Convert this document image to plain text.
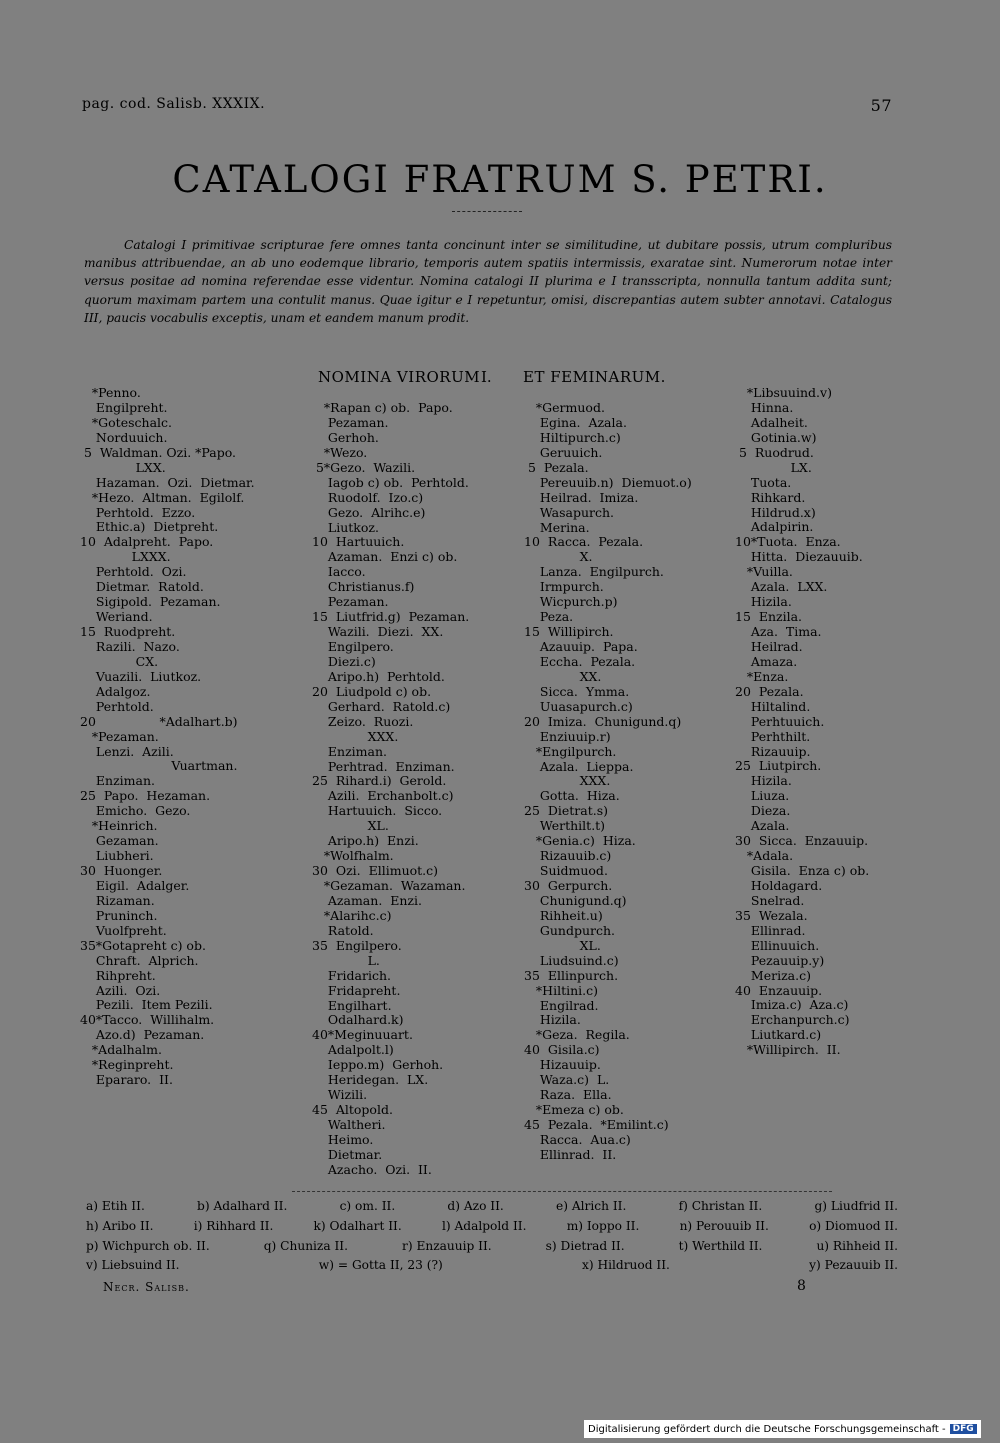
pag. cod. Salisb. XXXIX.	57
CATALOGI FRATRUM S. PETRI.
Catalogi I primitivae scripturae fere omnes tanta concinunt inter se similitudine, ut dubitare possis, utrum compluribus manibus attribuendae, an ab uno eodemque librario, temporis autem spatiis intermissis, exaratae sint. Numerorum notae inter versus positae ad nomina referendae esse videntur. Nomina catalogi II plurima e I transscripta, nonnulla tantum addita sunt; quorum maximam partem una contulit manus. Quae igitur e I repetuntur, omisi, discrepantias autem subter annotavi. Catalogus III, paucis vocabulis exceptis, unam et eandem manum prodit.
NOMINA VIRORUM I. ET FEMINARUM.
*Penno.
Engilpreht.
*Goteschalc.
Norduuich.
5  Waldman. Ozi. *Papo.
LXX.
Hazaman.  Ozi.  Dietmar.
*Hezo.  Altman.  Egilolf.
Perhtold.  Ezzo.
Ethic.a)  Dietpreht.
10  Adalpreht.  Papo.
LXXX.
Perhtold.  Ozi.
Dietmar.  Ratold.
Sigipold.  Pezaman.
Weriand.
15  Ruodpreht.
Razili.  Nazo.
CX.
Vuazili.  Liutkoz.
Adalgoz.
Perhtold.
20                *Adalhart.b)
*Pezaman.
Lenzi.  Azili.
Vuartman.
Enziman.
25  Papo.  Hezaman.
Emicho.  Gezo.
*Heinrich.
Gezaman.
Liubheri.
30  Huonger.
Eigil.  Adalger.
Rizaman.
Pruninch.
Vuolfpreht.
35*Gotapreht c) ob.
Chraft.  Alprich.
Rihpreht.
Azili.  Ozi.
Pezili.  Item Pezili.
40*Tacco.  Willihalm.
Azo.d)  Pezaman.
*Adalhalm.
*Reginpreht.
Epararo.  II.
*Rapan c) ob.  Papo.
Pezaman.
Gerhoh.
*Wezo.
5*Gezo.  Wazili.
Iagob c) ob.  Perhtold.
Ruodolf.  Izo.c)
Gezo.  Alrihc.e)
Liutkoz.
10  Hartuuich.
Azaman.  Enzi c) ob.
Iacco.
Christianus.f)
Pezaman.
15  Liutfrid.g)  Pezaman.
Wazili.  Diezi.  XX.
Engilpero.
Diezi.c)
Aripo.h)  Perhtold.
20  Liudpold c) ob.
Gerhard.  Ratold.c)
Zeizo.  Ruozi.
XXX.
Enziman.
Perhtrad.  Enziman.
25  Rihard.i)  Gerold.
Azili.  Erchanbolt.c)
Hartuuich.  Sicco.
XL.
Aripo.h)  Enzi.
*Wolfhalm.
30  Ozi.  Ellimuot.c)
*Gezaman.  Wazaman.
Azaman.  Enzi.
*Alarihc.c)
Ratold.
35  Engilpero.
L.
Fridarich.
Fridapreht.
Engilhart.
Odalhard.k)
40*Meginuuart.
Adalpolt.l)
Ieppo.m)  Gerhoh.
Heridegan.  LX.
Wizili.
45  Altopold.
Waltheri.
Heimo.
Dietmar.
Azacho.  Ozi.  II.
*Germuod.
Egina.  Azala.
Hiltipurch.c)
Geruuich.
5  Pezala.
Pereuuib.n)  Diemuot.o)
Heilrad.  Imiza.
Wasapurch.
Merina.
10  Racca.  Pezala.
X.
Lanza.  Engilpurch.
Irmpurch.
Wicpurch.p)
Peza.
15  Willipirch.
Azauuip.  Papa.
Eccha.  Pezala.
XX.
Sicca.  Ymma.
Uuasapurch.c)
20  Imiza.  Chunigund.q)
Enziuuip.r)
*Engilpurch.
Azala.  Lieppa.
XXX.
Gotta.  Hiza.
25  Dietrat.s)
Werthilt.t)
*Genia.c)  Hiza.
Rizauuib.c)
Suidmuod.
30  Gerpurch.
Chunigund.q)
Rihheit.u)
Gundpurch.
XL.
Liudsuind.c)
35  Ellinpurch.
*Hiltini.c)
Engilrad.
Hizila.
*Geza.  Regila.
40  Gisila.c)
Hizauuip.
Waza.c)  L.
Raza.  Ella.
*Emeza c) ob.
45  Pezala.  *Emilint.c)
Racca.  Aua.c)
Ellinrad.  II.
*Libsuuind.v)
Hinna.
Adalheit.
Gotinia.w)
5  Ruodrud.
LX.
Tuota.
Rihkard.
Hildrud.x)
Adalpirin.
10*Tuota.  Enza.
Hitta.  Diezauuib.
*Vuilla.
Azala.  LXX.
Hizila.
15  Enzila.
Aza.  Tima.
Heilrad.
Amaza.
*Enza.
20  Pezala.
Hiltalind.
Perhtuuich.
Perhthilt.
Rizauuip.
25  Liutpirch.
Hizila.
Liuza.
Dieza.
Azala.
30  Sicca.  Enzauuip.
*Adala.
Gisila.  Enza c) ob.
Holdagard.
Snelrad.
35  Wezala.
Ellinrad.
Ellinuuich.
Pezauuip.y)
Meriza.c)
40  Enzauuip.
Imiza.c)  Aza.c)
Erchanpurch.c)
Liutkard.c)
*Willipirch.  II.
a) Etih II.	b) Adalhard II.	c) om. II.	d) Azo II.	e) Alrich II.	f) Christan II.	g) Liudfrid II.
h) Aribo II.	i) Rihhard II.	k) Odalhart II.	l) Adalpold II.	m) Ioppo II.	n) Perouuib II.	o) Diomuod II.
p) Wichpurch ob. II.	q) Chuniza II.	r) Enzauuip II.	s) Dietrad II.	t) Werthild II.	u) Rihheid II.
v) Liebsuind II.	w) = Gotta II, 23 (?)	x) Hildruod II.	y) Pezauuib II.
Necr. Salisb.	8
Digitalisierung gefördert durch die Deutsche Forschungsgemeinschaft - DFG
